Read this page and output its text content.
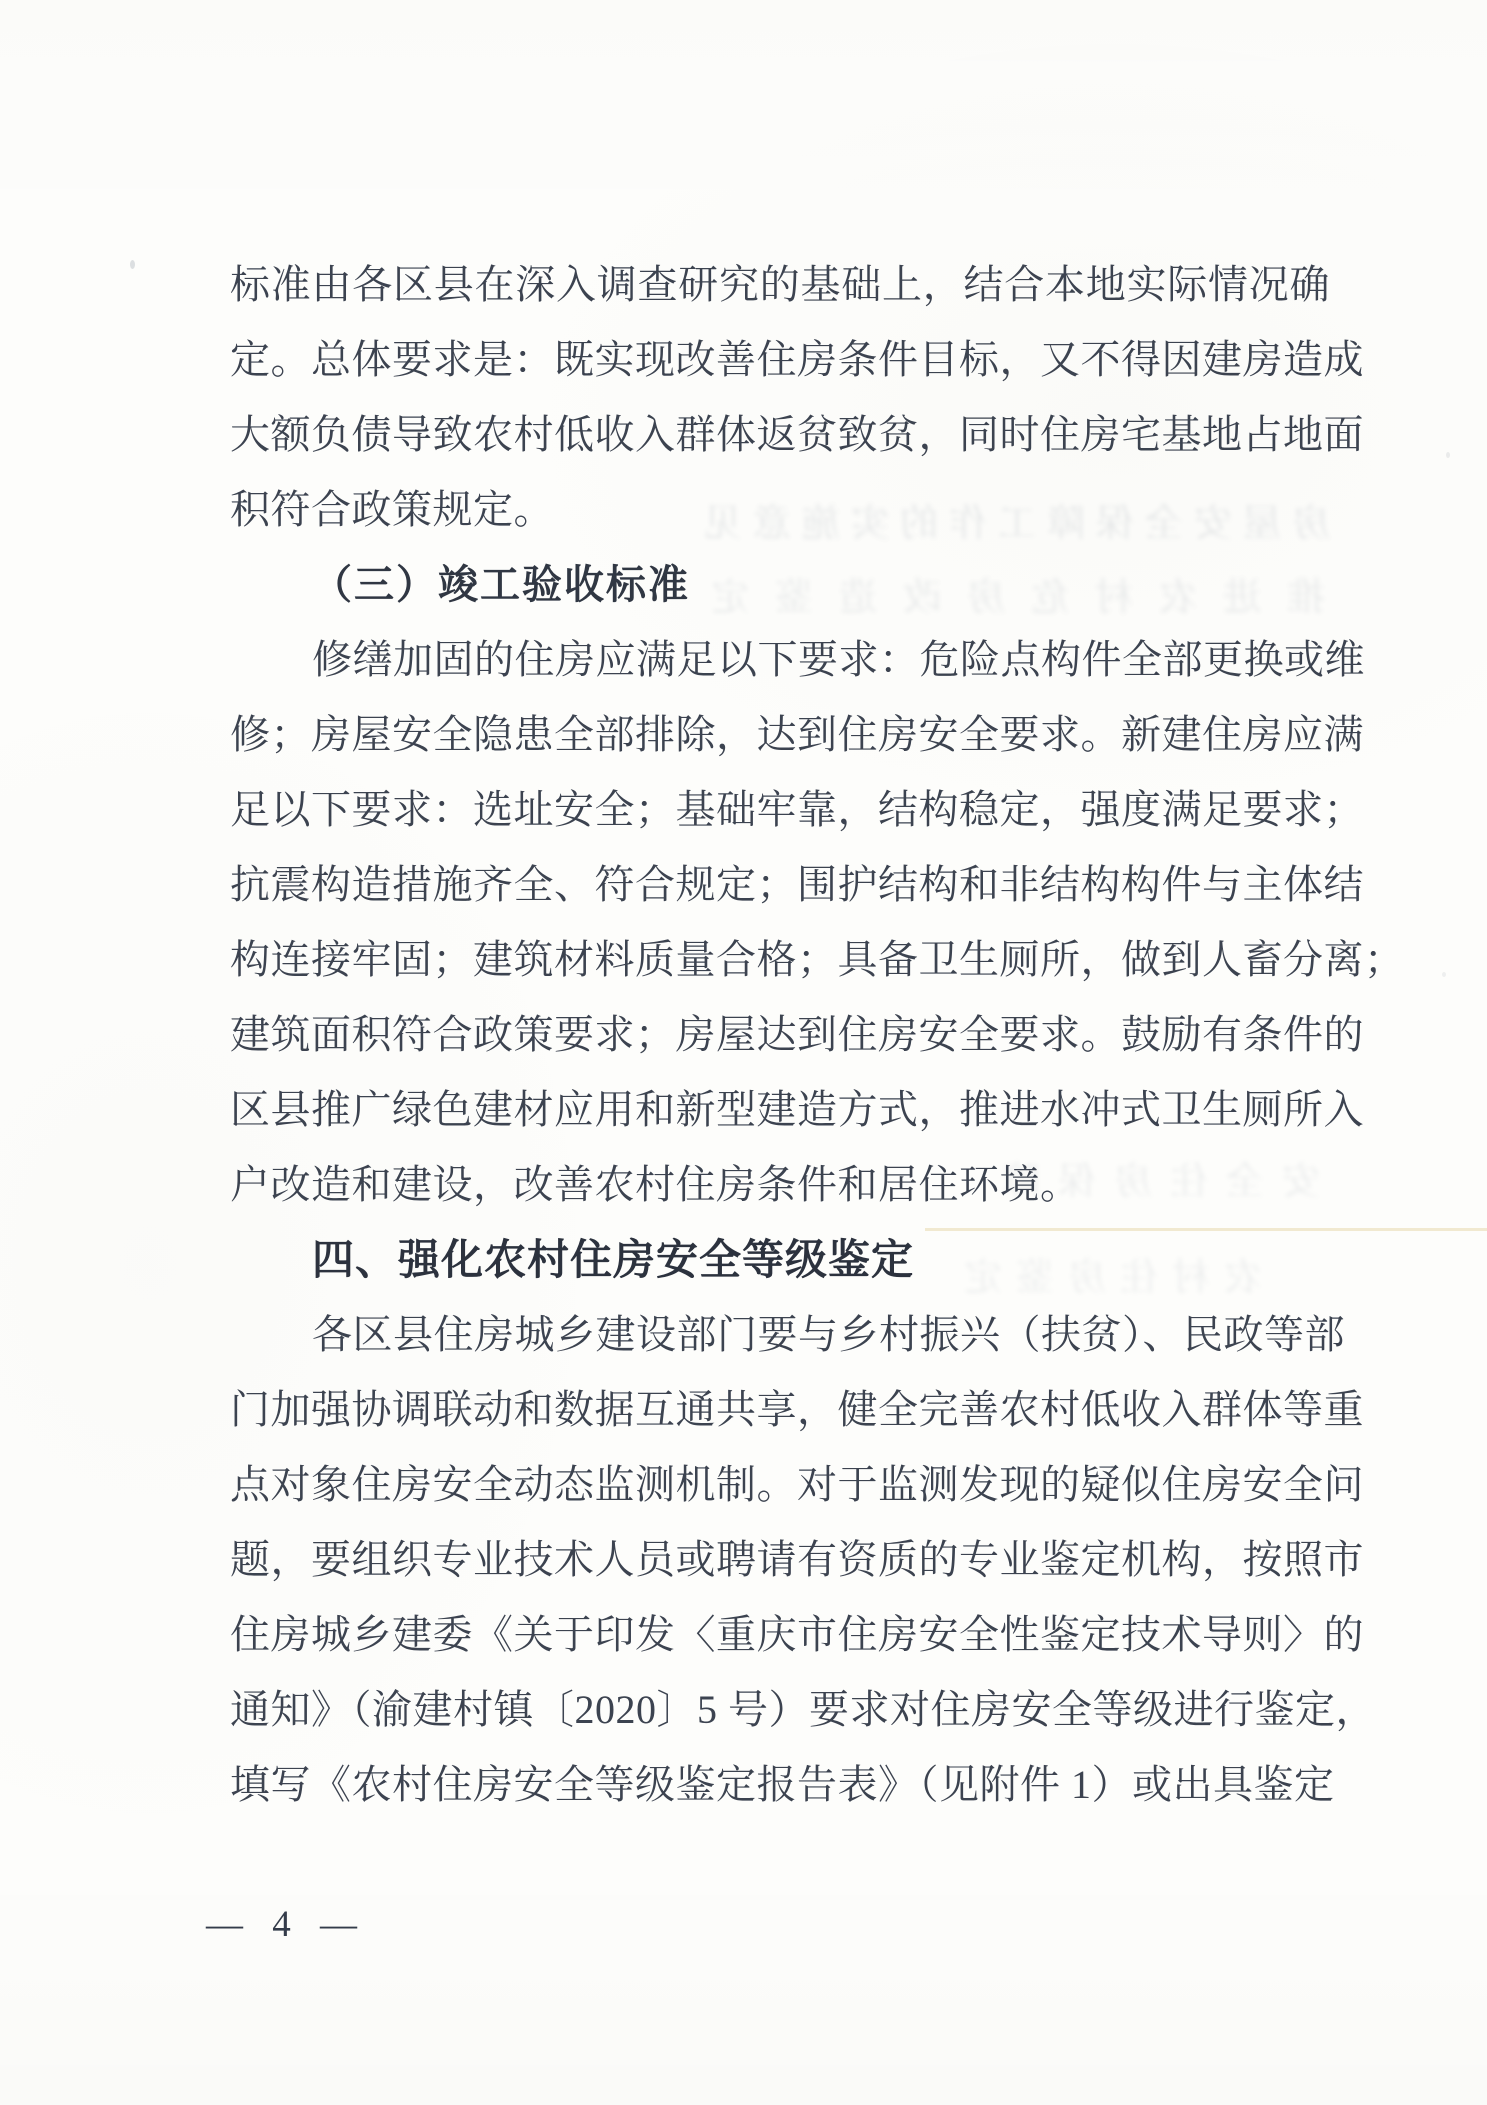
房屋安全保障工作的实施意见
推进农村危房改造鉴定
安全住房保障
农村住房鉴定
标准由各区县在深入调查研究的基础上，结合本地实际情况确
定。总体要求是：既实现改善住房条件目标，又不得因建房造成
大额负债导致农村低收入群体返贫致贫，同时住房宅基地占地面
积符合政策规定。
（三）竣工验收标准
修缮加固的住房应满足以下要求：危险点构件全部更换或维
修；房屋安全隐患全部排除，达到住房安全要求。新建住房应满
足以下要求：选址安全；基础牢靠，结构稳定，强度满足要求；
抗震构造措施齐全、符合规定；围护结构和非结构构件与主体结
构连接牢固；建筑材料质量合格；具备卫生厕所，做到人畜分离；
建筑面积符合政策要求；房屋达到住房安全要求。鼓励有条件的
区县推广绿色建材应用和新型建造方式，推进水冲式卫生厕所入
户改造和建设，改善农村住房条件和居住环境。
四、强化农村住房安全等级鉴定
各区县住房城乡建设部门要与乡村振兴（扶贫）、民政等部
门加强协调联动和数据互通共享，健全完善农村低收入群体等重
点对象住房安全动态监测机制。对于监测发现的疑似住房安全问
题，要组织专业技术人员或聘请有资质的专业鉴定机构，按照市
住房城乡建委《关于印发〈重庆市住房安全性鉴定技术导则〉的
通知》（渝建村镇〔2020〕5 号）要求对住房安全等级进行鉴定，
填写《农村住房安全等级鉴定报告表》（见附件 1）或出具鉴定
— 4 —
